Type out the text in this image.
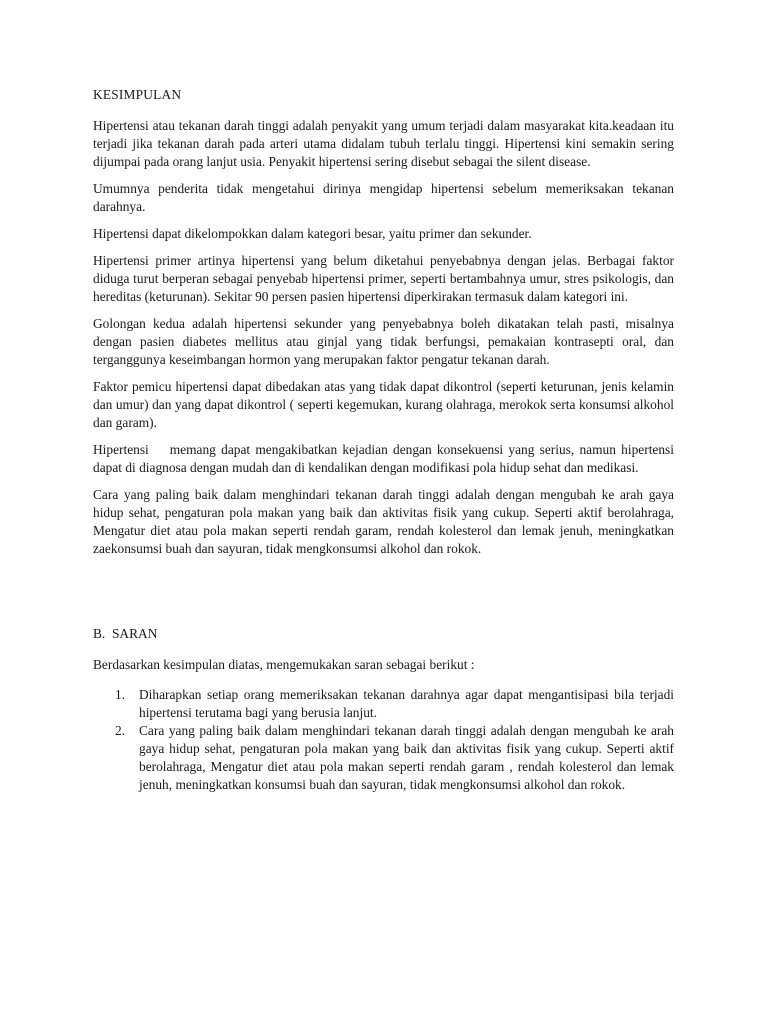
KESIMPULAN

Hipertensi atau tekanan darah tinggi adalah penyakit yang umum terjadi dalam masyarakat kita.keadaan itu terjadi jika tekanan darah pada arteri utama didalam tubuh terlalu tinggi. Hipertensi kini semakin sering dijumpai pada orang lanjut usia. Penyakit hipertensi sering disebut sebagai the silent disease.

Umumnya penderita tidak mengetahui dirinya mengidap hipertensi sebelum memeriksakan tekanan darahnya.

Hipertensi dapat dikelompokkan dalam kategori besar, yaitu primer dan sekunder.

Hipertensi primer artinya hipertensi yang belum diketahui penyebabnya dengan jelas. Berbagai faktor diduga turut berperan sebagai penyebab hipertensi primer, seperti bertambahnya umur, stres psikologis, dan hereditas (keturunan). Sekitar 90 persen pasien hipertensi diperkirakan termasuk dalam kategori ini.

Golongan kedua adalah hipertensi sekunder yang penyebabnya boleh dikatakan telah pasti, misalnya dengan pasien diabetes mellitus atau ginjal yang tidak berfungsi, pemakaian kontrasepti oral, dan terganggunya keseimbangan hormon yang merupakan faktor pengatur tekanan darah.

Faktor pemicu hipertensi dapat dibedakan atas yang tidak dapat dikontrol (seperti keturunan, jenis kelamin dan umur) dan yang dapat dikontrol ( seperti kegemukan, kurang olahraga, merokok serta konsumsi alkohol dan garam).

Hipertensi    memang dapat mengakibatkan kejadian dengan konsekuensi yang serius, namun hipertensi dapat di diagnosa dengan mudah dan di kendalikan dengan modifikasi pola hidup sehat dan medikasi.

Cara yang paling baik dalam menghindari tekanan darah tinggi adalah dengan mengubah ke arah gaya hidup sehat, pengaturan pola makan yang baik dan aktivitas fisik yang cukup. Seperti aktif berolahraga, Mengatur diet atau pola makan seperti rendah garam, rendah kolesterol dan lemak jenuh, meningkatkan zaekonsumsi buah dan sayuran, tidak mengkonsumsi alkohol dan rokok.

B.  SARAN

Berdasarkan kesimpulan diatas, mengemukakan saran sebagai berikut :

1. Diharapkan setiap orang memeriksakan tekanan darahnya agar dapat mengantisipasi bila terjadi hipertensi terutama bagi yang berusia lanjut.
2. Cara yang paling baik dalam menghindari tekanan darah tinggi adalah dengan mengubah ke arah gaya hidup sehat, pengaturan pola makan yang baik dan aktivitas fisik yang cukup. Seperti aktif berolahraga, Mengatur diet atau pola makan seperti rendah garam , rendah kolesterol dan lemak jenuh, meningkatkan konsumsi buah dan sayuran, tidak mengkonsumsi alkohol dan rokok.
